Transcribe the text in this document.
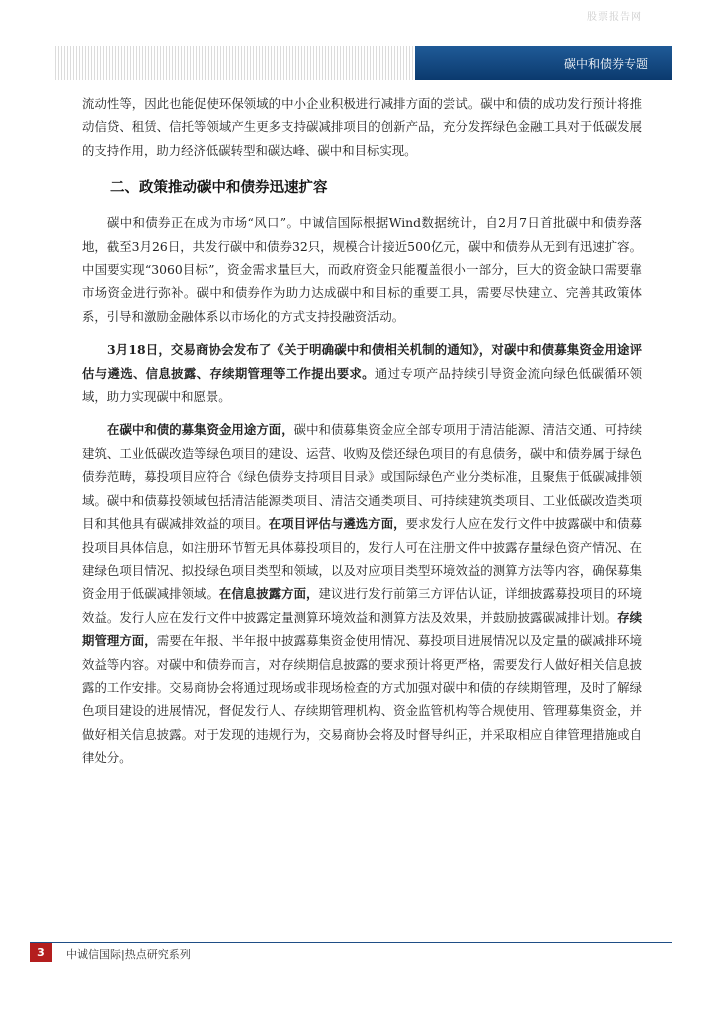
股票报告网
碳中和债券专题

流动性等，因此也能促使环保领域的中小企业积极进行减排方面的尝试。碳中和债的成功发行预计将推动信贷、租赁、信托等领域产生更多支持碳减排项目的创新产品，充分发挥绿色金融工具对于低碳发展的支持作用，助力经济低碳转型和碳达峰、碳中和目标实现。

二、政策推动碳中和债券迅速扩容

碳中和债券正在成为市场“风口”。中诚信国际根据Wind数据统计，自2月7日首批碳中和债券落地，截至3月26日，共发行碳中和债券32只，规模合计接近500亿元，碳中和债券从无到有迅速扩容。中国要实现“3060目标”，资金需求量巨大，而政府资金只能覆盖很小一部分，巨大的资金缺口需要靠市场资金进行弥补。碳中和债券作为助力达成碳中和目标的重要工具，需要尽快建立、完善其政策体系，引导和激励金融体系以市场化的方式支持投融资活动。

3月18日，交易商协会发布了《关于明确碳中和债相关机制的通知》，对碳中和债募集资金用途评估与遴选、信息披露、存续期管理等工作提出要求。通过专项产品持续引导资金流向绿色低碳循环领域，助力实现碳中和愿景。

在碳中和债的募集资金用途方面，碳中和债募集资金应全部专项用于清洁能源、清洁交通、可持续建筑、工业低碳改造等绿色项目的建设、运营、收购及偿还绿色项目的有息债务，碳中和债券属于绿色债券范畴，募投项目应符合《绿色债券支持项目目录》或国际绿色产业分类标准，且聚焦于低碳减排领域。碳中和债募投领域包括清洁能源类项目、清洁交通类项目、可持续建筑类项目、工业低碳改造类项目和其他具有碳减排效益的项目。在项目评估与遴选方面，要求发行人应在发行文件中披露碳中和债募投项目具体信息，如注册环节暂无具体募投项目的，发行人可在注册文件中披露存量绿色资产情况、在建绿色项目情况、拟投绿色项目类型和领域，以及对应项目类型环境效益的测算方法等内容，确保募集资金用于低碳减排领域。在信息披露方面，建议进行发行前第三方评估认证，详细披露募投项目的环境效益。发行人应在发行文件中披露定量测算环境效益和测算方法及效果，并鼓励披露碳减排计划。存续期管理方面，需要在年报、半年报中披露募集资金使用情况、募投项目进展情况以及定量的碳减排环境效益等内容。对碳中和债券而言，对存续期信息披露的要求预计将更严格，需要发行人做好相关信息披露的工作安排。交易商协会将通过现场或非现场检查的方式加强对碳中和债的存续期管理，及时了解绿色项目建设的进展情况，督促发行人、存续期管理机构、资金监管机构等合规使用、管理募集资金，并做好相关信息披露。对于发现的违规行为，交易商协会将及时督导纠正，并采取相应自律管理措施或自律处分。

3	中诚信国际|热点研究系列
